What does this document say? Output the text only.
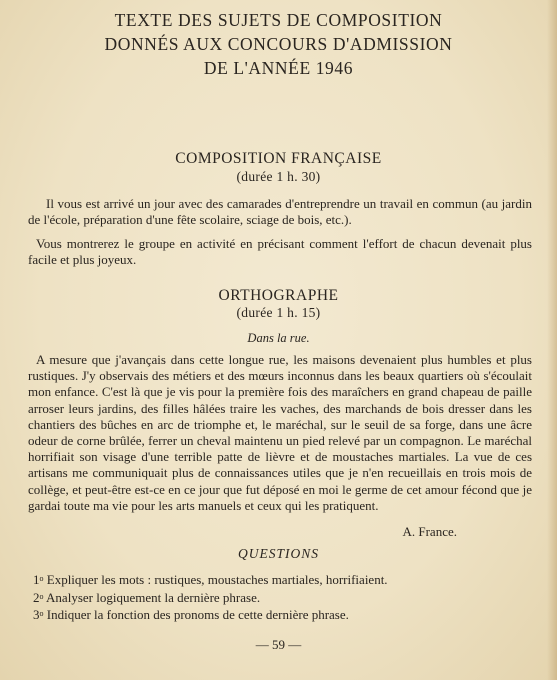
TEXTE DES SUJETS DE COMPOSITION
DONNÉS AUX CONCOURS D'ADMISSION
DE L'ANNÉE 1946
COMPOSITION FRANÇAISE
(durée 1 h. 30)
Il vous est arrivé un jour avec des camarades d'entreprendre un travail en commun (au jardin de l'école, préparation d'une fête scolaire, sciage de bois, etc.).
Vous montrerez le groupe en activité en précisant comment l'effort de chacun devenait plus facile et plus joyeux.
ORTHOGRAPHE
(durée 1 h. 15)
Dans la rue.
A mesure que j'avançais dans cette longue rue, les maisons devenaient plus humbles et plus rustiques. J'y observais des métiers et des mœurs inconnus dans les beaux quartiers où s'écoulait mon enfance. C'est là que je vis pour la première fois des maraîchers en grand chapeau de paille arroser leurs jardins, des filles hâlées traire les vaches, des marchands de bois dresser dans les chantiers des bûches en arc de triomphe et, le maréchal, sur le seuil de sa forge, dans une âcre odeur de corne brûlée, ferrer un cheval maintenu un pied relevé par un compagnon. Le maréchal horrifiait son visage d'une terrible patte de lièvre et de moustaches martiales. La vue de ces artisans me communiquait plus de connaissances utiles que je n'en recueillais en trois mois de collège, et peut-être est-ce en ce jour que fut déposé en moi le germe de cet amour fécond que je gardai toute ma vie pour les arts manuels et ceux qui les pratiquent.
A. France.
QUESTIONS
1$^o$ Expliquer les mots : rustiques, moustaches martiales, horrifiaient.
2$^o$ Analyser logiquement la dernière phrase.
3$^o$ Indiquer la fonction des pronoms de cette dernière phrase.
— 59 —
